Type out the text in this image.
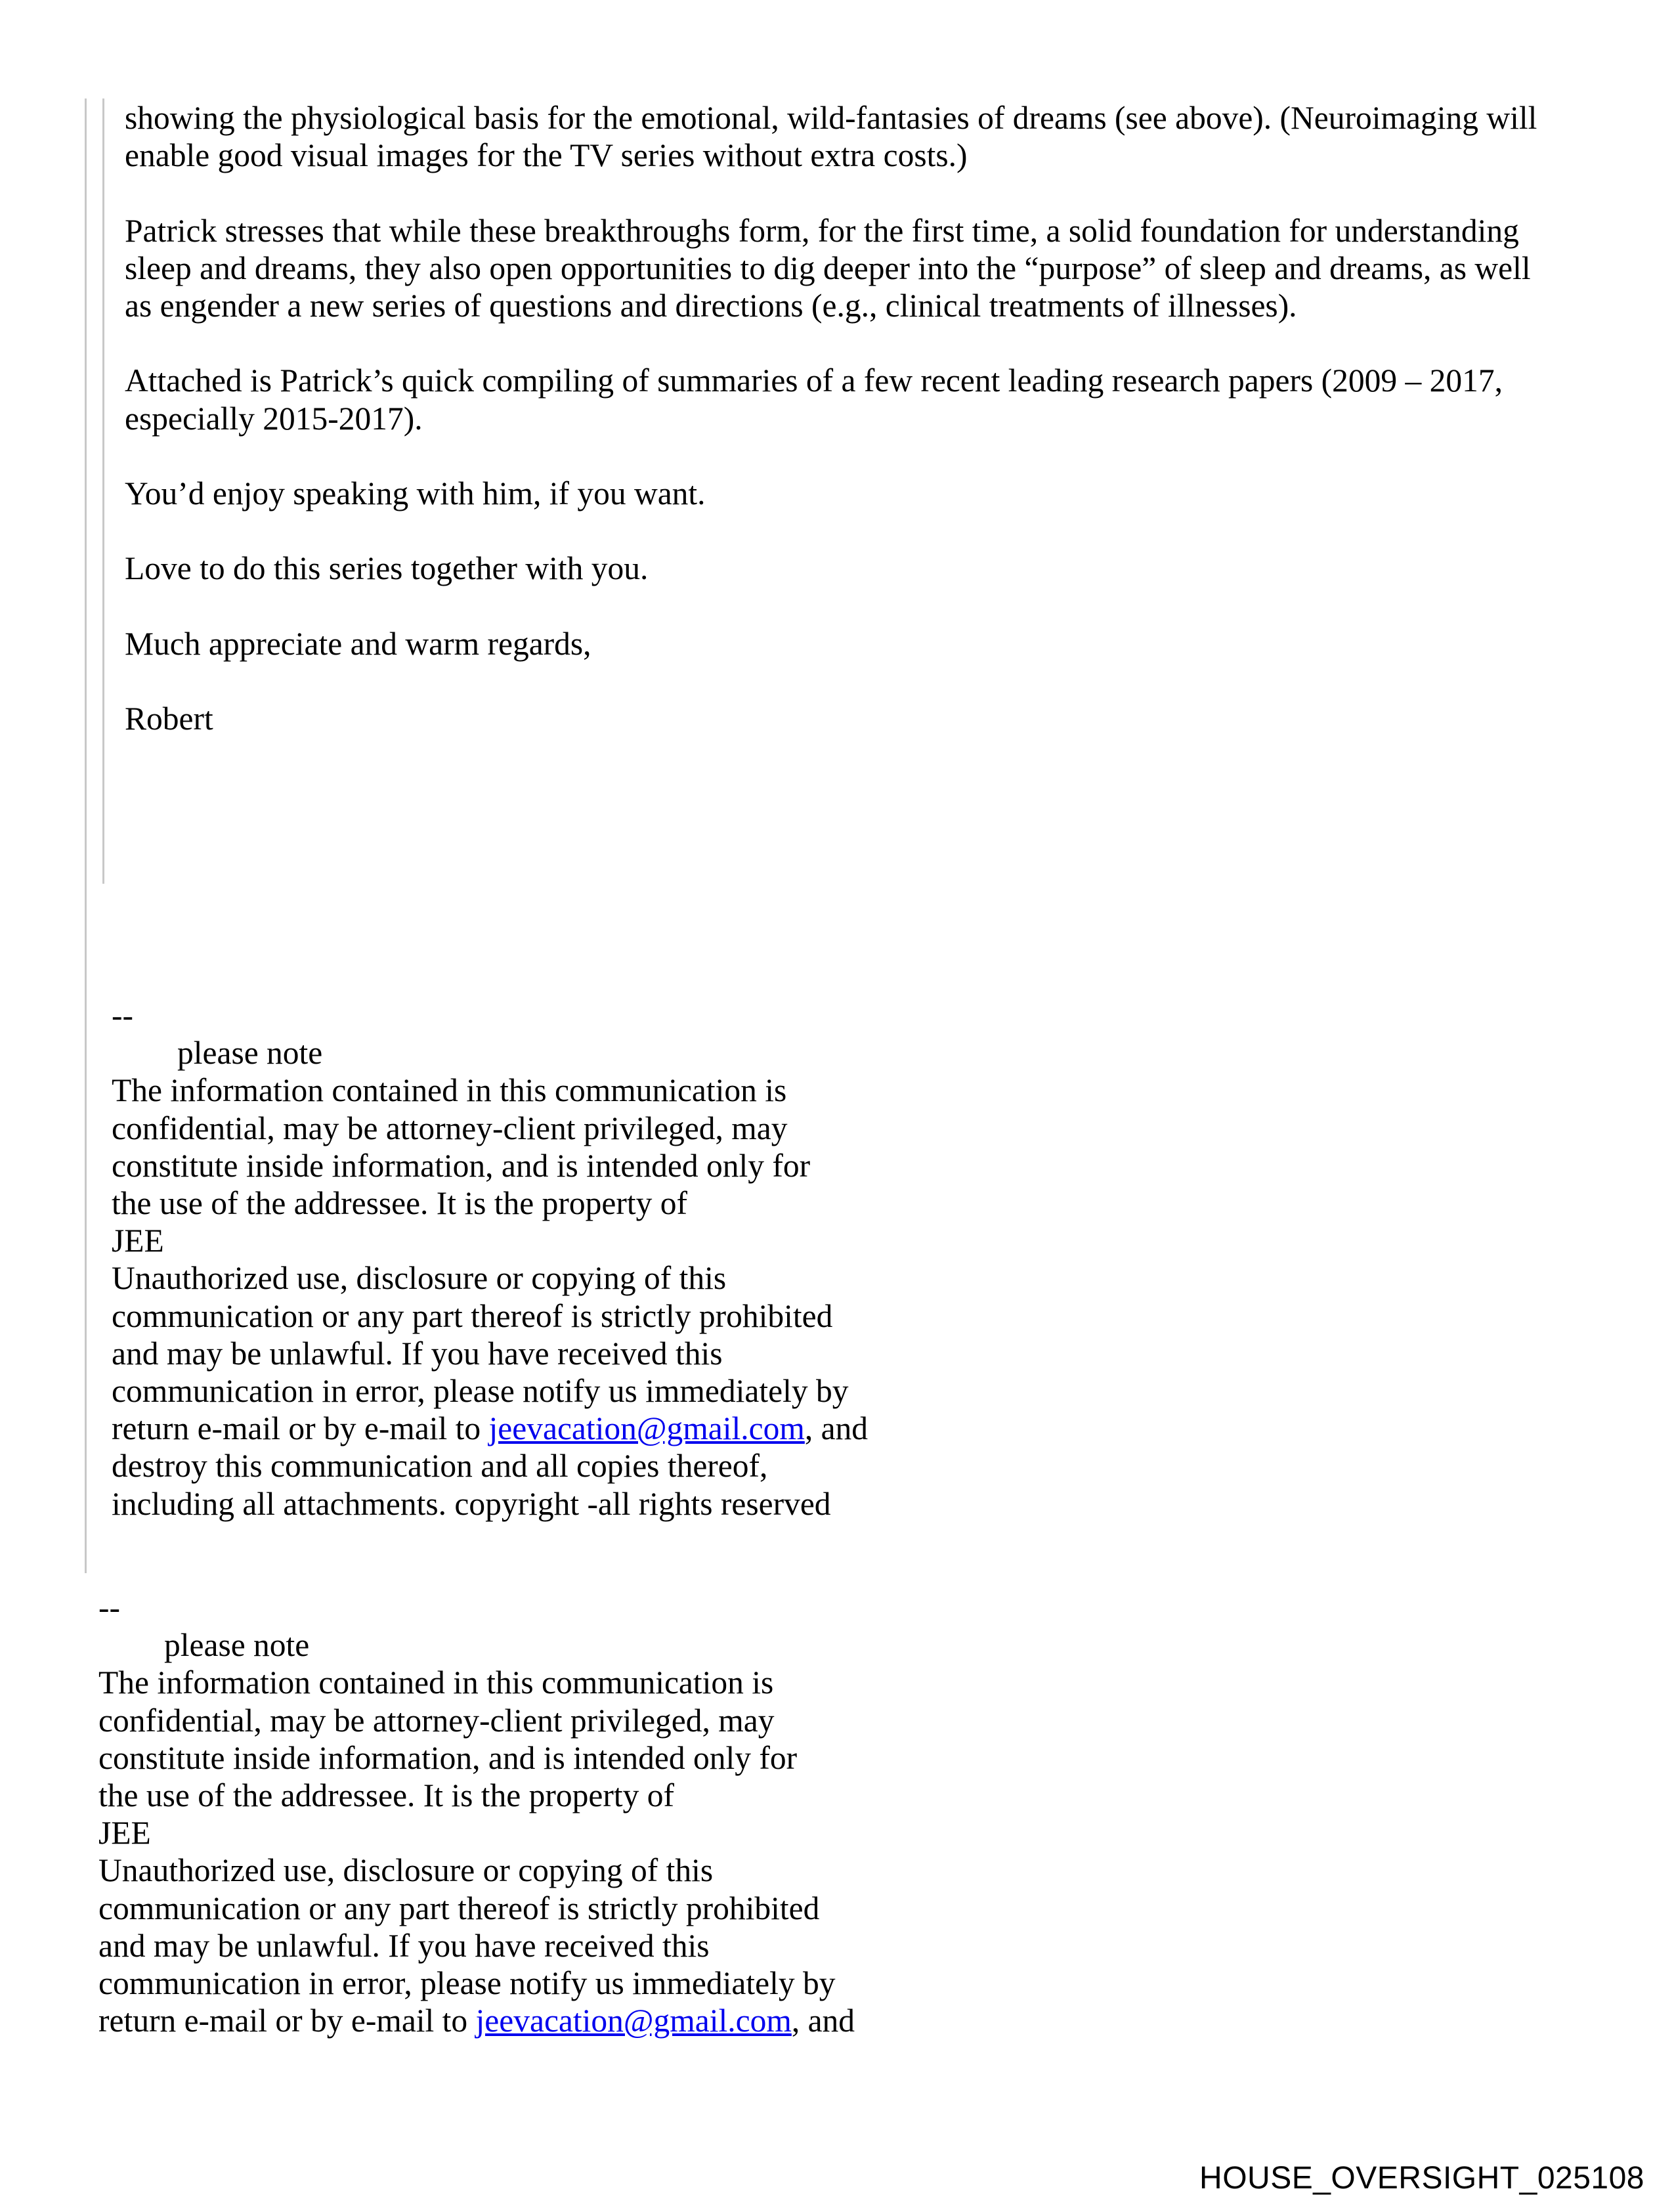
showing the physiological basis for the emotional, wild-fantasies of dreams (see above). (Neuroimaging will
enable good visual images for the TV series without extra costs.)

Patrick stresses that while these breakthroughs form, for the first time, a solid foundation for understanding
sleep and dreams, they also open opportunities to dig deeper into the “purpose” of sleep and dreams, as well
as engender a new series of questions and directions (e.g., clinical treatments of illnesses).

Attached is Patrick’s quick compiling of summaries of a few recent leading research papers (2009 – 2017,
especially 2015-2017).

You’d enjoy speaking with him, if you want.

Love to do this series together with you.

Much appreciate and warm regards,

Robert

--
please note
The information contained in this communication is
confidential, may be attorney-client privileged, may
constitute inside information, and is intended only for
the use of the addressee. It is the property of
JEE
Unauthorized use, disclosure or copying of this
communication or any part thereof is strictly prohibited
and may be unlawful. If you have received this
communication in error, please notify us immediately by
return e-mail or by e-mail to jeevacation@gmail.com, and
destroy this communication and all copies thereof,
including all attachments. copyright -all rights reserved
--
please note
The information contained in this communication is
confidential, may be attorney-client privileged, may
constitute inside information, and is intended only for
the use of the addressee. It is the property of
JEE
Unauthorized use, disclosure or copying of this
communication or any part thereof is strictly prohibited
and may be unlawful. If you have received this
communication in error, please notify us immediately by
return e-mail or by e-mail to jeevacation@gmail.com, and
HOUSE_OVERSIGHT_025108
